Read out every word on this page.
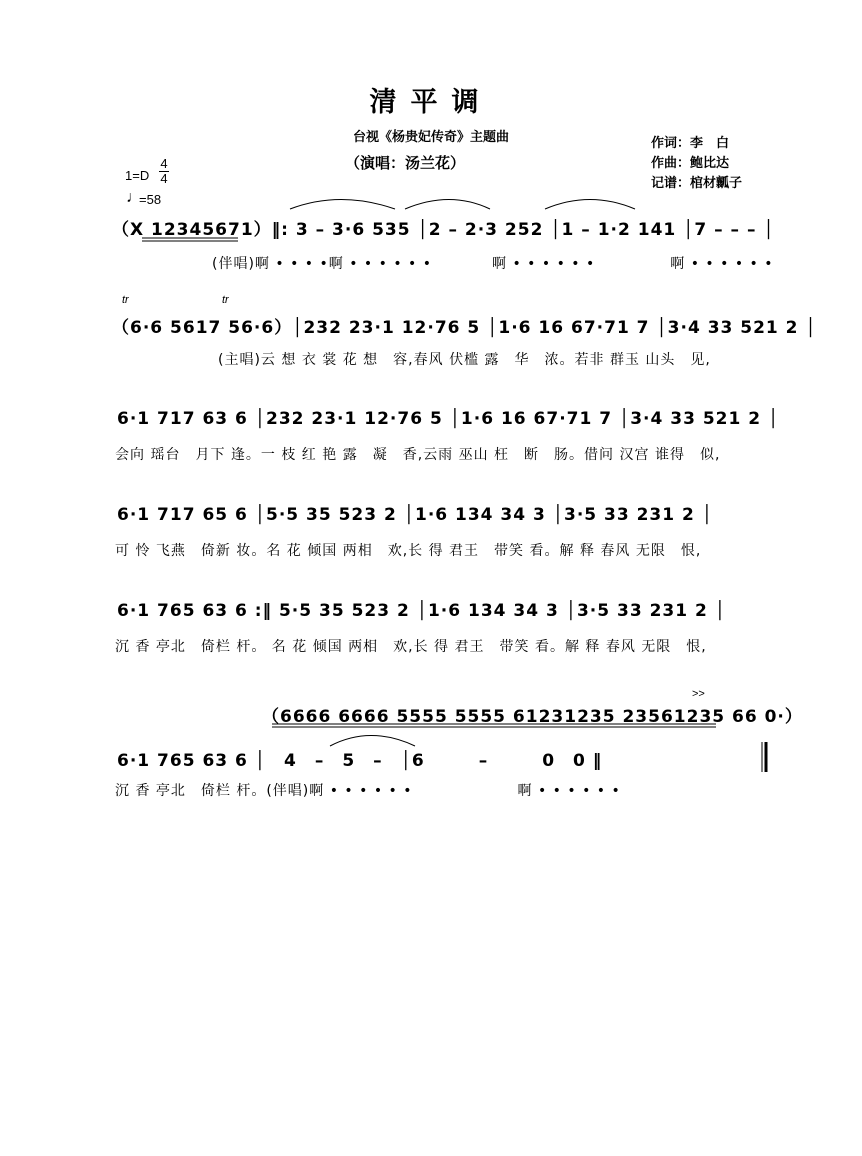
清平调
台视《杨贵妃传奇》主题曲
（演唱：汤兰花）
作词：李　白
作曲：鲍比达
记谱：棺材瓤子
1=D
4
4
♩
=58
（X 12345671）‖: 3 – 3·6 535 │2 – 2·3 252 │1 – 1·2 141 │7 – – – │
(伴唱)啊 • • • •啊 • • • • • •　　　　啊 • • • • • •　　　　　啊 • • • • • •
tr	tr
（6·6 5617 56·6）│232 23·1 12·76 5 │1·6 16 67·71 7 │3·4 33 521 2 │
(主唱)云 想 衣 裳 花 想　容,春风 伏槛 露　华　浓。若非 群玉 山头　见,
6·1 717 63 6 │232 23·1 12·76 5 │1·6 16 67·71 7 │3·4 33 521 2 │
会向 瑶台　月下 逢。一 枝 红 艳 露　凝　香,云雨 巫山 枉　断　肠。借问 汉宫 谁得　似,
6·1 717 65 6 │5·5 35 523 2 │1·6 134 34 3 │3·5 33 231 2 │
可 怜 飞燕　倚新 妆。名 花 倾国 两相　欢,长 得 君王　带笑 看。解 释 春风 无限　恨,
6·1 765 63 6 :‖ 5·5 35 523 2 │1·6 134 34 3 │3·5 33 231 2 │
沉 香 亭北　倚栏 杆。 名 花 倾国 两相　欢,长 得 君王　带笑 看。解 释 春风 无限　恨,
>>
（6666 6666 5555 5555 61231235 23561235 66 0·）
6·1 765 63 6 │　4　–　5　–　│6　　　–　　　0　0 ‖
沉 香 亭北　倚栏 杆。(伴唱)啊 • • • • • •　　　　　　　啊 • • • • • •
